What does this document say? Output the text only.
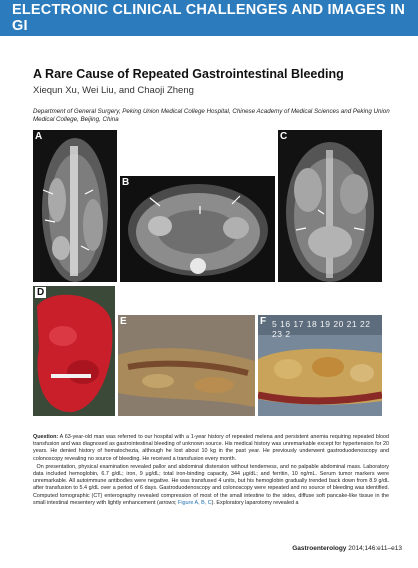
ELECTRONIC CLINICAL CHALLENGES AND IMAGES IN GI
A Rare Cause of Repeated Gastrointestinal Bleeding
Xiequn Xu, Wei Liu, and Chaoji Zheng
Department of General Surgery, Peking Union Medical College Hospital, Chinese Academy of Medical Sciences and Peking Union Medical College, Beijing, China
A
B
C
D
E	F 5 16 17 18 19 20 21 22 23 2

Question: A 63-year-old man was referred to our hospital with a 1-year history of repeated melena and persistent anemia requiring repeated blood transfusion and was diagnosed as gastrointestinal bleeding of unknown source. His medical history was unremarkable except for hypertension for 20 years. He denied history of hematochezia, although he lost about 10 kg in the past year. He previously underwent gastroduodenoscopy and colonoscopy revealing no source of bleeding. He received a transfusion every month.

On presentation, physical examination revealed pallor and abdominal distension without tenderness, and no palpable abdominal mass. Laboratory data included hemoglobin, 6.7 g/dL; iron, 9 μg/dL; total iron-binding capacity, 344 μg/dL; and ferritin, 10 ng/mL. Serum tumor markers were unremarkable. All autoimmune antibodies were negative. He was transfused 4 units, but his hemoglobin gradually trended back down from 8.9 g/dL after transfusion to 5.4 g/dL over a period of 6 days. Gastroduodenoscopy and colonoscopy were repeated and no source of bleeding was identified. Computed tomographic (CT) enterography revealed compression of most of the small intestine to the sides, diffuse soft pancake-like tissue in the small intestinal mesentery with lightly enhancement (arrows; Figure A, B, C). Exploratory laparotomy revealed a

Gastroenterology 2014;146:e11–e13
